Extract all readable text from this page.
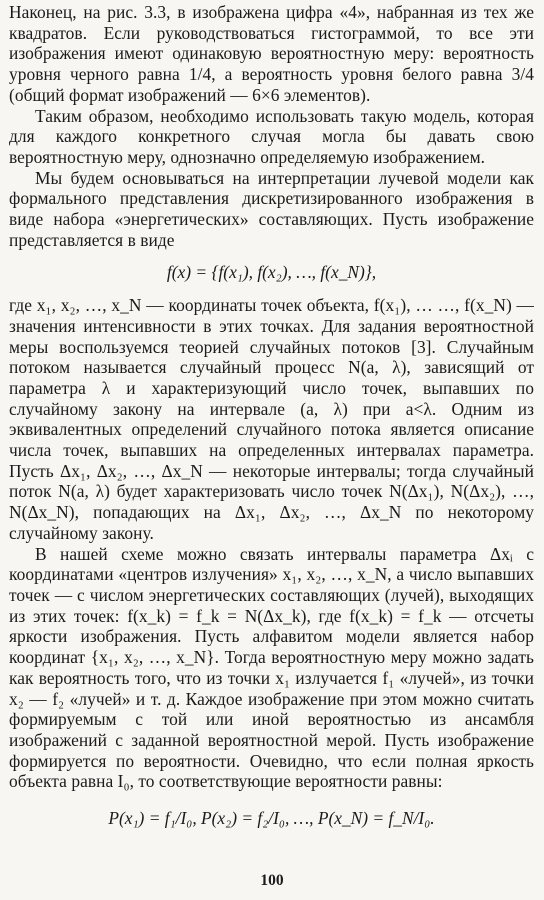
Наконец, на рис. 3.3, в изображена цифра «4», набранная из тех же квадратов. Если руководствоваться гистограммой, то все эти изображения имеют одинаковую вероятностную меру: вероятность уровня черного равна 1/4, а вероятность уровня белого равна 3/4 (общий формат изображений — 6×6 элементов).

Таким образом, необходимо использовать такую модель, которая для каждого конкретного случая могла бы давать свою вероятностную меру, однозначно определяемую изображением.

Мы будем основываться на интерпретации лучевой модели как формального представления дискретизированного изображения в виде набора «энергетических» составляющих. Пусть изображение представляется в виде

f(x) = {f(x₁), f(x₂), …, f(x_N)},

где x₁, x₂, …, x_N — координаты точек объекта, f(x₁), … …, f(x_N) — значения интенсивности в этих точках. Для задания вероятностной меры воспользуемся теорией случайных потоков [3]. Случайным потоком называется случайный процесс N(a, λ), зависящий от параметра λ и характеризующий число точек, выпавших по случайному закону на интервале (a, λ) при a<λ. Одним из эквивалентных определений случайного потока является описание числа точек, выпавших на определенных интервалах параметра. Пусть Δx₁, Δx₂, …, Δx_N — некоторые интервалы; тогда случайный поток N(a, λ) будет характеризовать число точек N(Δx₁), N(Δx₂), …, N(Δx_N), попадающих на Δx₁, Δx₂, …, Δx_N по некоторому случайному закону.

В нашей схеме можно связать интервалы параметра Δxᵢ с координатами «центров излучения» x₁, x₂, …, x_N, а число выпавших точек — с числом энергетических составляющих (лучей), выходящих из этих точек: f(x_k) = f_k = N(Δx_k), где f(x_k) = f_k — отсчеты яркости изображения. Пусть алфавитом модели является набор координат {x₁, x₂, …, x_N}. Тогда вероятностную меру можно задать как вероятность того, что из точки x₁ излучается f₁ «лучей», из точки x₂ — f₂ «лучей» и т. д. Каждое изображение при этом можно считать формируемым с той или иной вероятностью из ансамбля изображений с заданной вероятностной мерой. Пусть изображение формируется по вероятности. Очевидно, что если полная яркость объекта равна I₀, то соответствующие вероятности равны:

P(x₁) = f₁/I₀, P(x₂) = f₂/I₀, …, P(x_N) = f_N/I₀.

100
